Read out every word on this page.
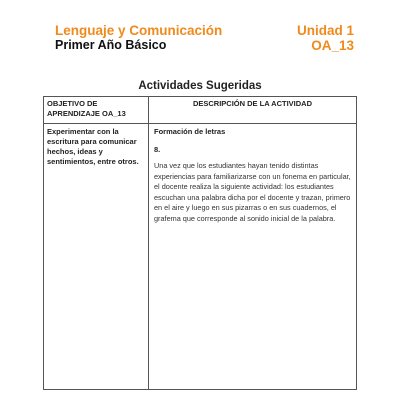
Lenguaje y Comunicación
Primer Año Básico
Unidad 1
OA_13
Actividades Sugeridas
OBJETIVO DE APRENDIZAJE OA_13
DESCRIPCIÓN DE LA ACTIVIDAD
Experimentar con la escritura para comunicar hechos, ideas y sentimientos, entre otros.
Formación de letras
8.
Una vez que los estudiantes hayan tenido distintas experiencias para familiarizarse con un fonema en particular, el docente realiza la siguiente actividad: los estudiantes escuchan una palabra dicha por el docente y trazan, primero en el aire y luego en sus pizarras o en sus cuadernos, el grafema que corresponde al sonido inicial de la palabra.
